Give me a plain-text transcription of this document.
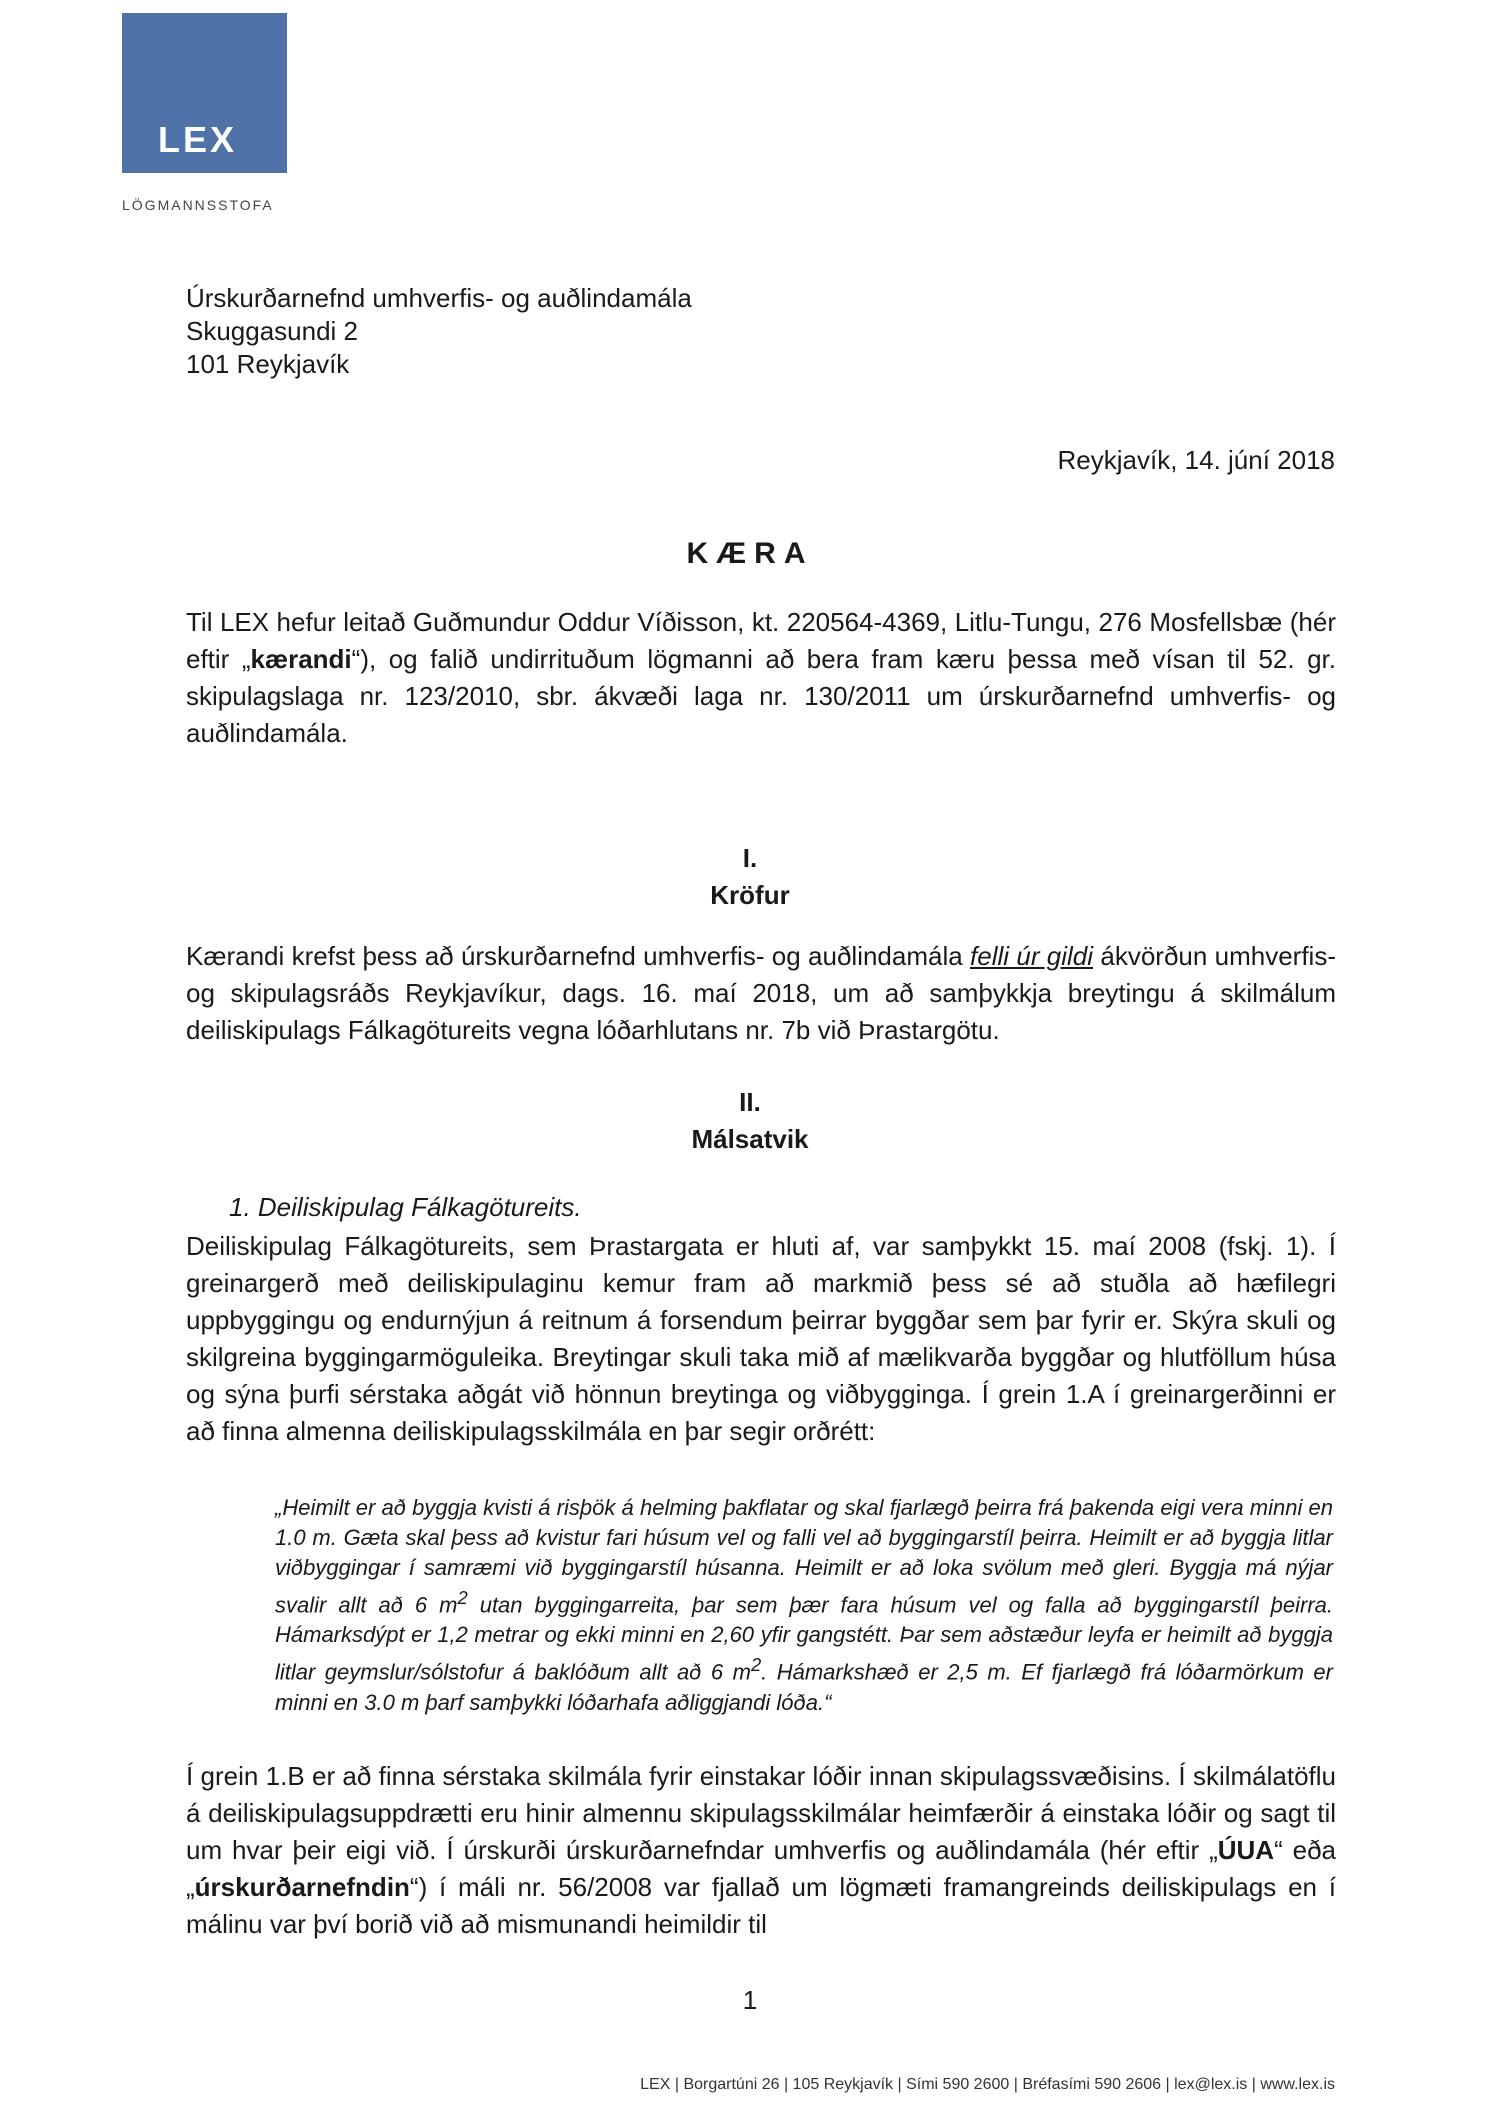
LEX
LÖGMANNSSTOFA
Úrskurðarnefnd umhverfis- og auðlindamála
Skuggasundi 2
101 Reykjavík
Reykjavík, 14. júní 2018
KÆRA
Til LEX hefur leitað Guðmundur Oddur Víðisson, kt. 220564-4369, Litlu-Tungu, 276 Mosfellsbæ (hér eftir „kærandi“), og falið undirrituðum lögmanni að bera fram kæru þessa með vísan til 52. gr. skipulagslaga nr. 123/2010, sbr. ákvæði laga nr. 130/2011 um úrskurðarnefnd umhverfis- og auðlindamála.
I.
Kröfur
Kærandi krefst þess að úrskurðarnefnd umhverfis- og auðlindamála felli úr gildi ákvörðun umhverfis- og skipulagsráðs Reykjavíkur, dags. 16. maí 2018, um að samþykkja breytingu á skilmálum deiliskipulags Fálkagötureits vegna lóðarhlutans nr. 7b við Þrastargötu.
II.
Málsatvik
1. Deiliskipulag Fálkagötureits.
Deiliskipulag Fálkagötureits, sem Þrastargata er hluti af, var samþykkt 15. maí 2008 (fskj. 1). Í greinargerð með deiliskipulaginu kemur fram að markmið þess sé að stuðla að hæfilegri uppbyggingu og endurnýjun á reitnum á forsendum þeirrar byggðar sem þar fyrir er. Skýra skuli og skilgreina byggingarmöguleika. Breytingar skuli taka mið af mælikvarða byggðar og hlutföllum húsa og sýna þurfi sérstaka aðgát við hönnun breytinga og viðbygginga. Í grein 1.A í greinargerðinni er að finna almenna deiliskipulagsskilmála en þar segir orðrétt:
„Heimilt er að byggja kvisti á risþök á helming þakflatar og skal fjarlægð þeirra frá þakenda eigi vera minni en 1.0 m. Gæta skal þess að kvistur fari húsum vel og falli vel að byggingarstíl þeirra. Heimilt er að byggja litlar viðbyggingar í samræmi við byggingarstíl húsanna. Heimilt er að loka svölum með gleri. Byggja má nýjar svalir allt að 6 $m^2$ utan byggingarreita, þar sem þær fara húsum vel og falla að byggingarstíl þeirra. Hámarksdýpt er 1,2 metrar og ekki minni en 2,60 yfir gangstétt. Þar sem aðstæður leyfa er heimilt að byggja litlar geymslur/sólstofur á baklóðum allt að 6 $m^2$. Hámarkshæð er 2,5 m. Ef fjarlægð frá lóðarmörkum er minni en 3.0 m þarf samþykki lóðarhafa aðliggjandi lóða.“
Í grein 1.B er að finna sérstaka skilmála fyrir einstakar lóðir innan skipulagssvæðisins. Í skilmálatöflu á deiliskipulagsuppdrætti eru hinir almennu skipulagsskilmálar heimfærðir á einstaka lóðir og sagt til um hvar þeir eigi við. Í úrskurði úrskurðarnefndar umhverfis og auðlindamála (hér eftir „ÚUA“ eða „úrskurðarnefndin“) í máli nr. 56/2008 var fjallað um lögmæti framangreinds deiliskipulags en í málinu var því borið við að mismunandi heimildir til
1
LEX | Borgartúni 26 | 105 Reykjavík | Sími 590 2600 | Bréfasími 590 2606 | lex@lex.is | www.lex.is
